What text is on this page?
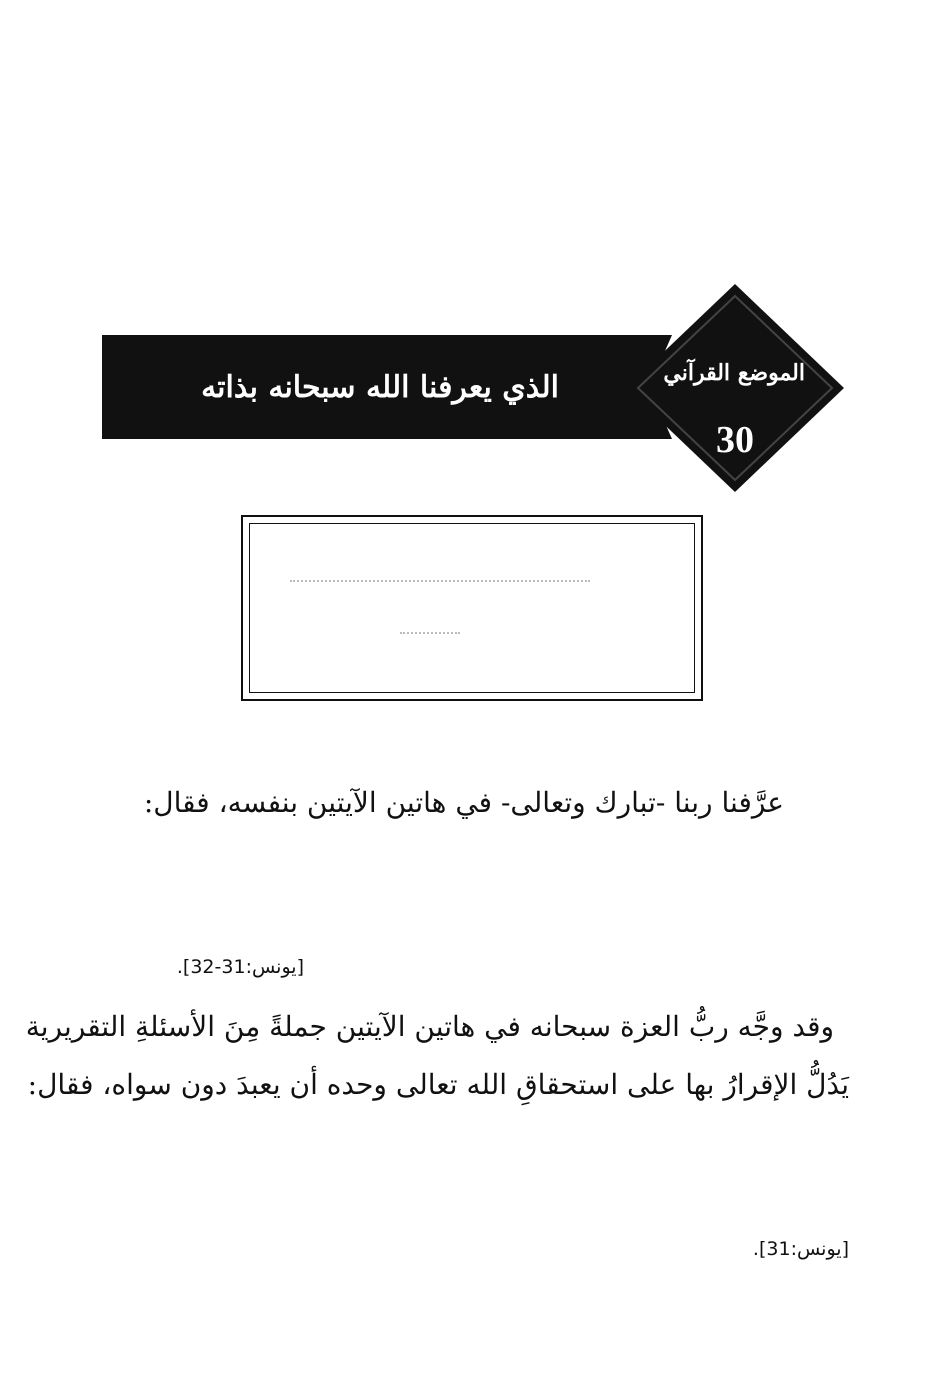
الذي يعرفنا الله سبحانه بذاته	الموضع القرآني
30
عرَّفنا ربنا -تبارك وتعالى- في هاتين الآيتين بنفسه، فقال:
[يونس:31-32].
وقد وجَّه ربُّ العزة سبحانه في هاتين الآيتين جملةً مِنَ الأسئلةِ التقريرية
يَدُلُّ الإقرارُ بها على استحقاقِ الله تعالى وحده أن يعبدَ دون سواه، فقال:
[يونس:31].
